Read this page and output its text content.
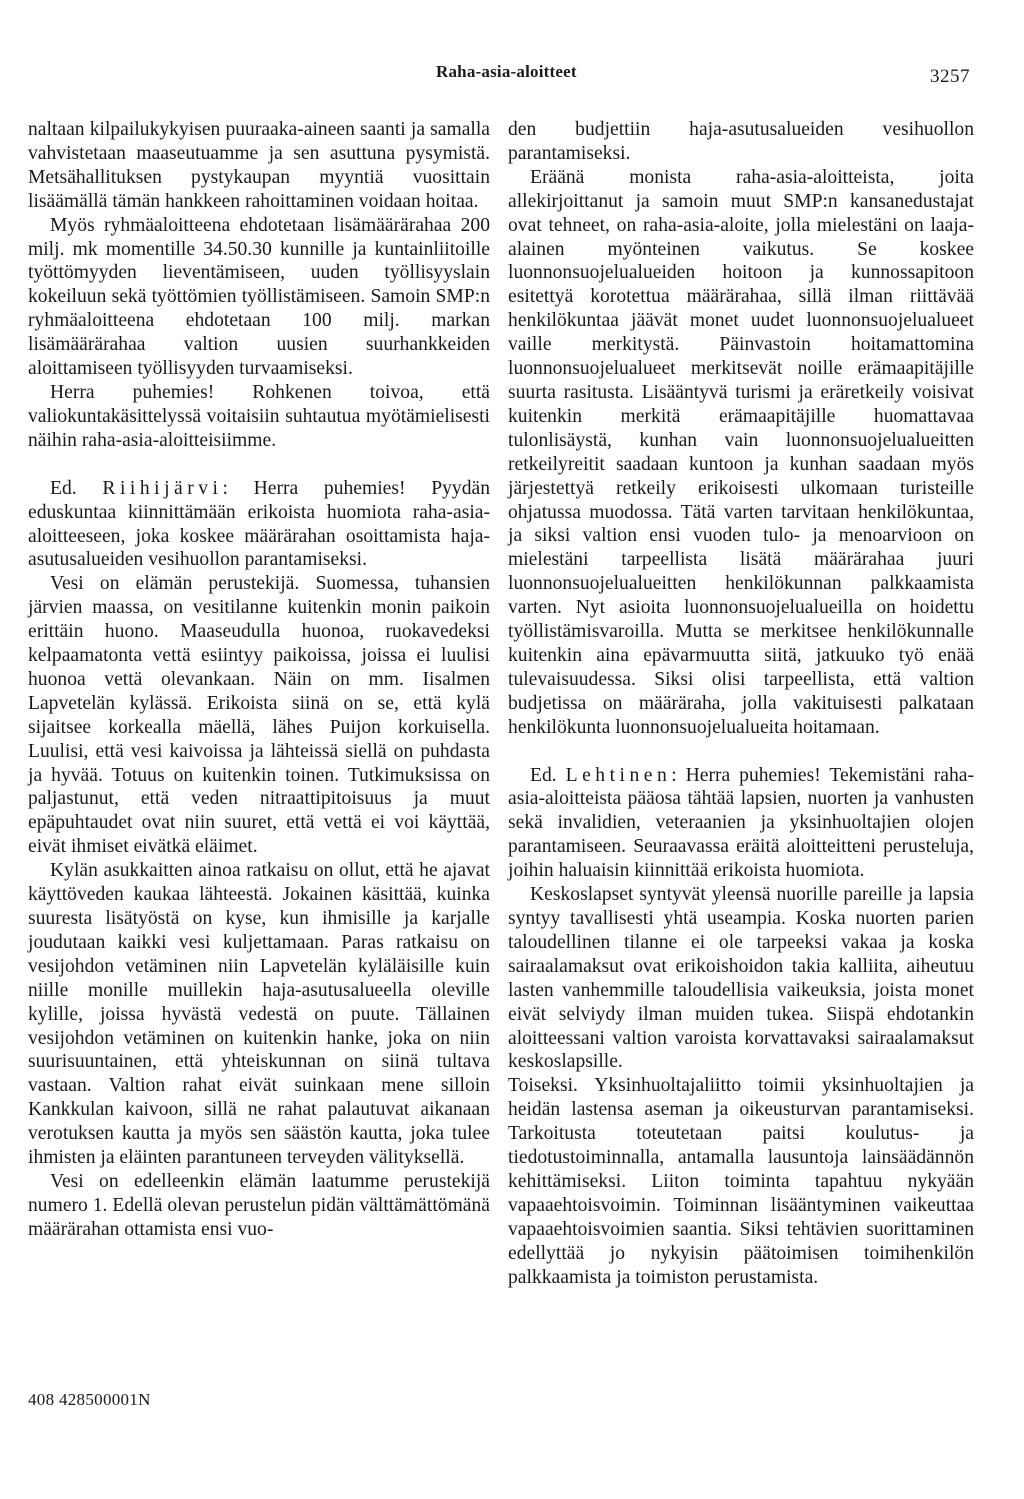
Raha-asia-aloitteet	3257

naltaan kilpailukykyisen puuraaka-aineen saanti ja samalla vahvistetaan maaseutuamme ja sen asuttuna pysymistä. Metsähallituksen pystykaupan myyntiä vuosittain lisäämällä tämän hankkeen rahoittaminen voidaan hoitaa.

Myös ryhmäaloitteena ehdotetaan lisämäärärahaa 200 milj. mk momentille 34.50.30 kunnille ja kuntainliitoille työttömyyden lieventämiseen, uuden työllisyyslain kokeiluun sekä työttömien työllistämiseen. Samoin SMP:n ryhmäaloitteena ehdotetaan 100 milj. markan lisämäärärahaa valtion uusien suurhankkeiden aloittamiseen työllisyyden turvaamiseksi.

Herra puhemies! Rohkenen toivoa, että valiokuntakäsittelyssä voitaisiin suhtautua myötämielisesti näihin raha-asia-aloitteisiimme.

Ed. Riihijärvi: Herra puhemies! Pyydän eduskuntaa kiinnittämään erikoista huomiota raha-asia-aloitteeseen, joka koskee määrärahan osoittamista haja-asutusalueiden vesihuollon parantamiseksi.

Vesi on elämän perustekijä. Suomessa, tuhansien järvien maassa, on vesitilanne kuitenkin monin paikoin erittäin huono. Maaseudulla huonoa, ruokavedeksi kelpaamatonta vettä esiintyy paikoissa, joissa ei luulisi huonoa vettä olevankaan. Näin on mm. Iisalmen Lapvetelän kylässä. Erikoista siinä on se, että kylä sijaitsee korkealla mäellä, lähes Puijon korkuisella. Luulisi, että vesi kaivoissa ja lähteissä siellä on puhdasta ja hyvää. Totuus on kuitenkin toinen. Tutkimuksissa on paljastunut, että veden nitraattipitoisuus ja muut epäpuhtaudet ovat niin suuret, että vettä ei voi käyttää, eivät ihmiset eivätkä eläimet.

Kylän asukkaitten ainoa ratkaisu on ollut, että he ajavat käyttöveden kaukaa lähteestä. Jokainen käsittää, kuinka suuresta lisätyöstä on kyse, kun ihmisille ja karjalle joudutaan kaikki vesi kuljettamaan. Paras ratkaisu on vesijohdon vetäminen niin Lapvetelän kyläläisille kuin niille monille muillekin haja-asutusalueella oleville kylille, joissa hyvästä vedestä on puute. Tällainen vesijohdon vetäminen on kuitenkin hanke, joka on niin suurisuuntainen, että yhteiskunnan on siinä tultava vastaan. Valtion rahat eivät suinkaan mene silloin Kankkulan kaivoon, sillä ne rahat palautuvat aikanaan verotuksen kautta ja myös sen säästön kautta, joka tulee ihmisten ja eläinten parantuneen terveyden välityksellä.

Vesi on edelleenkin elämän laatumme perustekijä numero 1. Edellä olevan perustelun pidän välttämättömänä määrärahan ottamista ensi vuo-

den budjettiin haja-asutusalueiden vesihuollon parantamiseksi.

Eräänä monista raha-asia-aloitteista, joita allekirjoittanut ja samoin muut SMP:n kansanedustajat ovat tehneet, on raha-asia-aloite, jolla mielestäni on laaja-alainen myönteinen vaikutus. Se koskee luonnonsuojelualueiden hoitoon ja kunnossapitoon esitettyä korotettua määrärahaa, sillä ilman riittävää henkilökuntaa jäävät monet uudet luonnonsuojelualueet vaille merkitystä. Päinvastoin hoitamattomina luonnonsuojelualueet merkitsevät noille erämaapitäjille suurta rasitusta. Lisääntyvä turismi ja eräretkeily voisivat kuitenkin merkitä erämaapitäjille huomattavaa tulonlisäystä, kunhan vain luonnonsuojelualueitten retkeilyreitit saadaan kuntoon ja kunhan saadaan myös järjestettyä retkeily erikoisesti ulkomaan turisteille ohjatussa muodossa. Tätä varten tarvitaan henkilökuntaa, ja siksi valtion ensi vuoden tulo- ja menoarvioon on mielestäni tarpeellista lisätä määrärahaa juuri luonnonsuojelualueitten henkilökunnan palkkaamista varten. Nyt asioita luonnonsuojelualueilla on hoidettu työllistämisvaroilla. Mutta se merkitsee henkilökunnalle kuitenkin aina epävarmuutta siitä, jatkuuko työ enää tulevaisuudessa. Siksi olisi tarpeellista, että valtion budjetissa on määräraha, jolla vakituisesti palkataan henkilökunta luonnonsuojelualueita hoitamaan.

Ed. Lehtinen: Herra puhemies! Tekemistäni raha-asia-aloitteista pääosa tähtää lapsien, nuorten ja vanhusten sekä invalidien, veteraanien ja yksinhuoltajien olojen parantamiseen. Seuraavassa eräitä aloitteitteni perusteluja, joihin haluaisin kiinnittää erikoista huomiota.

Keskoslapset syntyvät yleensä nuorille pareille ja lapsia syntyy tavallisesti yhtä useampia. Koska nuorten parien taloudellinen tilanne ei ole tarpeeksi vakaa ja koska sairaalamaksut ovat erikoishoidon takia kalliita, aiheutuu lasten vanhemmille taloudellisia vaikeuksia, joista monet eivät selviydy ilman muiden tukea. Siispä ehdotankin aloitteessani valtion varoista korvattavaksi sairaalamaksut keskoslapsille.

Toiseksi. Yksinhuoltajaliitto toimii yksinhuoltajien ja heidän lastensa aseman ja oikeusturvan parantamiseksi. Tarkoitusta toteutetaan paitsi koulutus- ja tiedotustoiminnalla, antamalla lausuntoja lainsäädännön kehittämiseksi. Liiton toiminta tapahtuu nykyään vapaaehtoisvoimin. Toiminnan lisääntyminen vaikeuttaa vapaaehtoisvoimien saantia. Siksi tehtävien suorittaminen edellyttää jo nykyisin päätoimisen toimihenkilön palkkaamista ja toimiston perustamista.

408 428500001N
